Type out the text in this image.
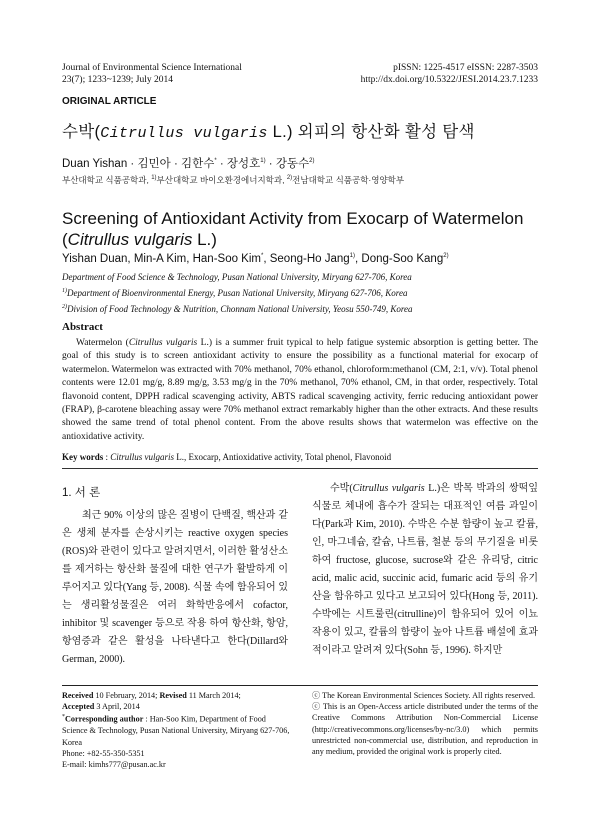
Journal of Environmental Science International
23(7); 1233~1239; July 2014
pISSN: 1225-4517 eISSN: 2287-3503
http://dx.doi.org/10.5322/JESI.2014.23.7.1233
ORIGINAL ARTICLE
수박(Citrullus vulgaris L.) 외피의 항산화 활성 탐색
Duan Yishan · 김민아 · 김한수* · 장성호$^{1)}$ · 강동수$^{2)}$
부산대학교 식품공학과, $^{1)}$부산대학교 바이오환경에너지학과, $^{2)}$전남대학교 식품공학·영양학부
Screening of Antioxidant Activity from Exocarp of Watermelon
(Citrullus vulgaris L.)
Yishan Duan, Min-A Kim, Han-Soo Kim*, Seong-Ho Jang$^{1)}$, Dong-Soo Kang$^{2)}$
Department of Food Science & Technology, Pusan National University, Miryang 627-706, Korea
$^{1)}$Department of Bioenvironmental Energy, Pusan National University, Miryang 627-706, Korea
$^{2)}$Division of Food Technology & Nutrition, Chonnam National University, Yeosu 550-749, Korea
Abstract
Watermelon (Citrullus vulgaris L.) is a summer fruit typical to help fatigue systemic absorption is getting better. The goal of this study is to screen antioxidant activity to ensure the possibility as a functional material for exocarp of watermelon. Watermelon was extracted with 70% methanol, 70% ethanol, chloroform:methanol (CM, 2:1, v/v). Total phenol contents were 12.01 mg/g, 8.89 mg/g, 3.53 mg/g in the 70% methanol, 70% ethanol, CM, in that order, respectively. Total flavonoid content, DPPH radical scavenging activity, ABTS radical scavenging activity, ferric reducing antioxidant power (FRAP), β-carotene bleaching assay were 70% methanol extract remarkably higher than the other extracts. And these results showed the same trend of total phenol content. From the above results shows that watermelon was effective on the antioxidative activity.
Key words : Citrullus vulgaris L., Exocarp, Antioxidative activity, Total phenol, Flavonoid
1. 서 론

최근 90% 이상의 많은 질병이 단백질, 핵산과 같은 생체 분자를 손상시키는 reactive oxygen species (ROS)와 관련이 있다고 알려지면서, 이러한 활성산소를 제거하는 항산화 물질에 대한 연구가 활발하게 이루어지고 있다(Yang 등, 2008). 식물 속에 함유되어 있는 생리활성물질은 여러 화학반응에서 cofactor, inhibitor 및 scavenger 등으로 작용 하여 항산화, 항암, 항염증과 같은 활성을 나타낸다고 한다(Dillard와 German, 2000).

수박(Citrullus vulgaris L.)은 박목 박과의 쌍떡잎식물로 체내에 흡수가 잘되는 대표적인 여름 과일이다(Park과 Kim, 2010). 수박은 수분 함량이 높고 칼륨, 인, 마그네슘, 칼슘, 나트륨, 철분 등의 무기질을 비롯하여 fructose, glucose, sucrose와 같은 유리당, citric acid, malic acid, succinic acid, fumaric acid 등의 유기산을 함유하고 있다고 보고되어 있다(Hong 등, 2011). 수박에는 시트룰린(citrulline)이 함유되어 있어 이뇨 작용이 있고, 칼륨의 함량이 높아 나트륨 배설에 효과적이라고 알려져 있다(Sohn 등, 1996). 하지만

Received 10 February, 2014; Revised 11 March 2014;
Accepted 3 April, 2014
*Corresponding author : Han-Soo Kim, Department of Food Science & Technology, Pusan National University, Miryang 627-706, Korea
Phone: +82-55-350-5351
E-mail: kimhs777@pusan.ac.kr
ⓒ The Korean Environmental Sciences Society. All rights reserved.
ⓒ This is an Open-Access article distributed under the terms of the Creative Commons Attribution Non-Commercial License (http://creativecommons.org/licenses/by-nc/3.0) which permits unrestricted non-commercial use, distribution, and reproduction in any medium, provided the original work is properly cited.
